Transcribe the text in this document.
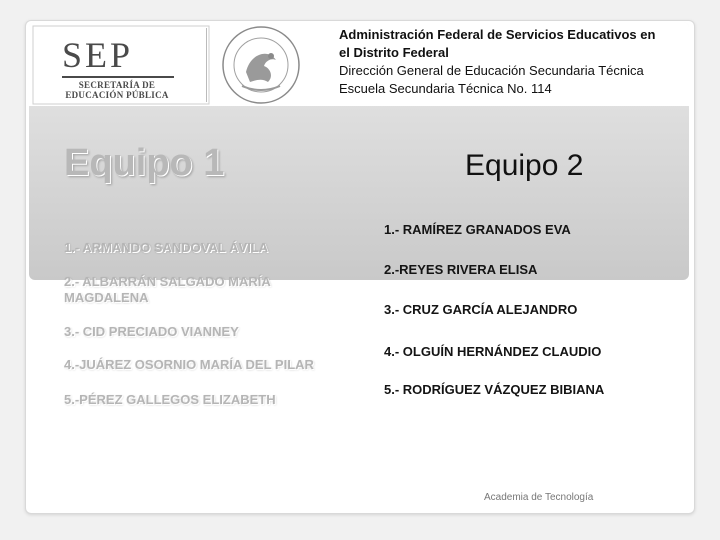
SEP
SECRETARÍA DE
EDUCACIÓN PÚBLICA
Administración Federal de Servicios Educativos en
el Distrito Federal
Dirección General de Educación Secundaria Técnica
Escuela Secundaria Técnica No. 114
Equipo 1	Equipo 2
1.- ARMANDO SANDOVAL ÁVILA
2.- ALBARRÁN SALGADO MARÍA MAGDALENA
3.- CID PRECIADO VIANNEY
4.-JUÁREZ OSORNIO MARÍA DEL PILAR
5.-PÉREZ GALLEGOS ELIZABETH
1.- RAMÍREZ GRANADOS EVA
2.-REYES RIVERA ELISA
3.- CRUZ GARCÍA ALEJANDRO
4.- OLGUÍN HERNÁNDEZ CLAUDIO
5.- RODRÍGUEZ VÁZQUEZ BIBIANA
Academia de Tecnología
